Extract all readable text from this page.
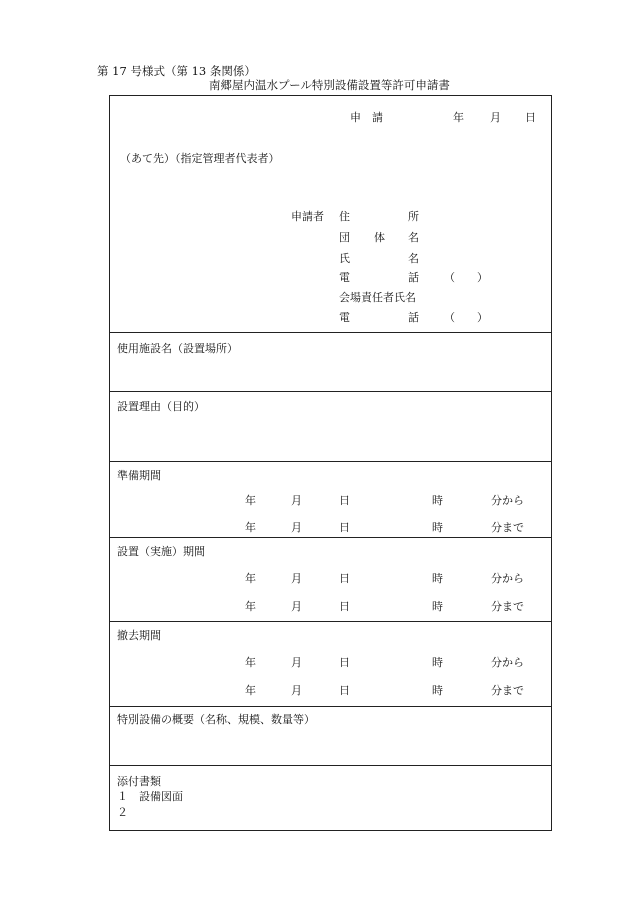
第 17 号様式（第 13 条関係）
南郷屋内温水プール特別設備設置等許可申請書
申　請	年 月 日
（あて先）（指定管理者代表者）
申請者 住	所
団 体 名
氏	名
電	話 （　　）
会場責任者氏名
電	話 （　　）
使用施設名（設置場所）
設置理由（目的）
準備期間
年	月	日	時	分から
年	月	日	時	分まで
設置（実施）期間
年	月	日	時	分から
年	月	日	時	分まで
撤去期間
年	月	日	時	分から
年	月	日	時	分まで
特別設備の概要（名称、規模、数量等）
添付書類
１　設備図面
２
